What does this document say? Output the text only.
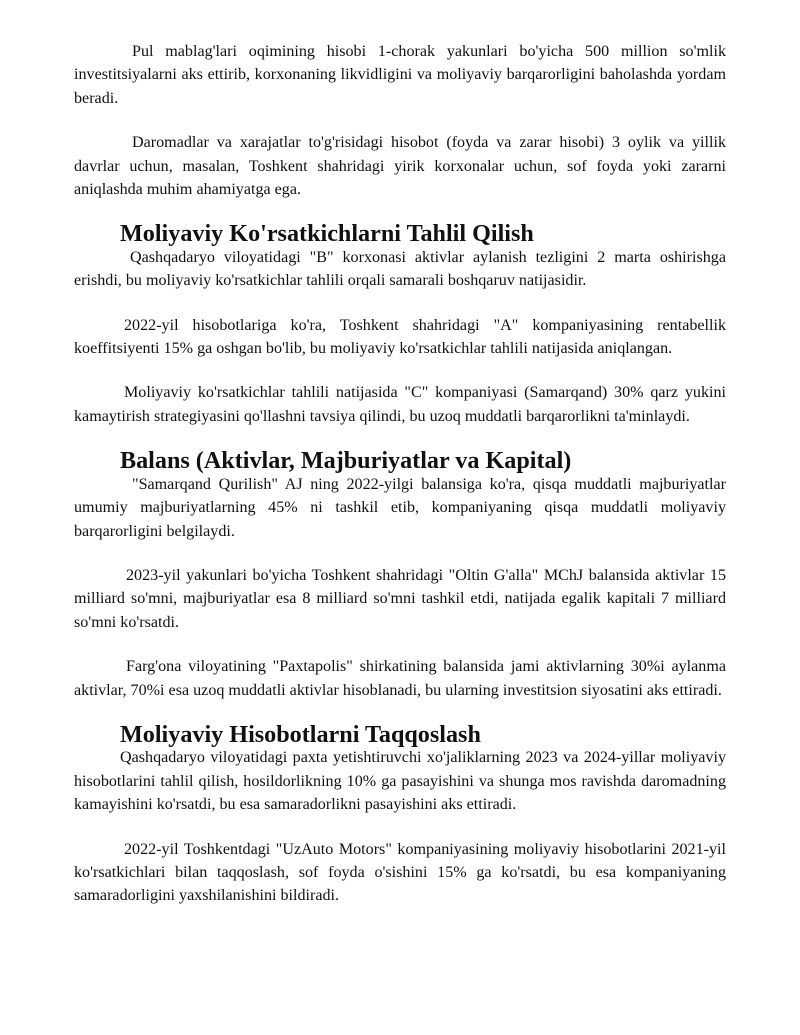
Pul mablag'lari oqimining hisobi 1-chorak yakunlari bo'yicha 500 million so'mlik investitsiyalarni aks ettirib, korxonaning likvidligini va moliyaviy barqarorligini baholashda yordam beradi.

Daromadlar va xarajatlar to'g'risidagi hisobot (foyda va zarar hisobi) 3 oylik va yillik davrlar uchun, masalan, Toshkent shahridagi yirik korxonalar uchun, sof foyda yoki zararni aniqlashda muhim ahamiyatga ega.

Moliyaviy Ko'rsatkichlarni Tahlil Qilish

Qashqadaryo viloyatidagi "B" korxonasi aktivlar aylanish tezligini 2 marta oshirishga erishdi, bu moliyaviy ko'rsatkichlar tahlili orqali samarali boshqaruv natijasidir.

2022-yil hisobotlariga ko'ra, Toshkent shahridagi "A" kompaniyasining rentabellik koeffitsiyenti 15% ga oshgan bo'lib, bu moliyaviy ko'rsatkichlar tahlili natijasida aniqlangan.

Moliyaviy ko'rsatkichlar tahlili natijasida "C" kompaniyasi (Samarqand) 30% qarz yukini kamaytirish strategiyasini qo'llashni tavsiya qilindi, bu uzoq muddatli barqarorlikni ta'minlaydi.

Balans (Aktivlar, Majburiyatlar va Kapital)

"Samarqand Qurilish" AJ ning 2022-yilgi balansiga ko'ra, qisqa muddatli majburiyatlar umumiy majburiyatlarning 45% ni tashkil etib, kompaniyaning qisqa muddatli moliyaviy barqarorligini belgilaydi.

2023-yil yakunlari bo'yicha Toshkent shahridagi "Oltin G'alla" MChJ balansida aktivlar 15 milliard so'mni, majburiyatlar esa 8 milliard so'mni tashkil etdi, natijada egalik kapitali 7 milliard so'mni ko'rsatdi.

Farg'ona viloyatining "Paxtapolis" shirkatining balansida jami aktivlarning 30%i aylanma aktivlar, 70%i esa uzoq muddatli aktivlar hisoblanadi, bu ularning investitsion siyosatini aks ettiradi.

Moliyaviy Hisobotlarni Taqqoslash

Qashqadaryo viloyatidagi paxta yetishtiruvchi xo'jaliklarning 2023 va 2024-yillar moliyaviy hisobotlarini tahlil qilish, hosildorlikning 10% ga pasayishini va shunga mos ravishda daromadning kamayishini ko'rsatdi, bu esa samaradorlikni pasayishini aks ettiradi.

2022-yil Toshkentdagi "UzAuto Motors" kompaniyasining moliyaviy hisobotlarini 2021-yil ko'rsatkichlari bilan taqqoslash, sof foyda o'sishini 15% ga ko'rsatdi, bu esa kompaniyaning samaradorligini yaxshilanishini bildiradi.
